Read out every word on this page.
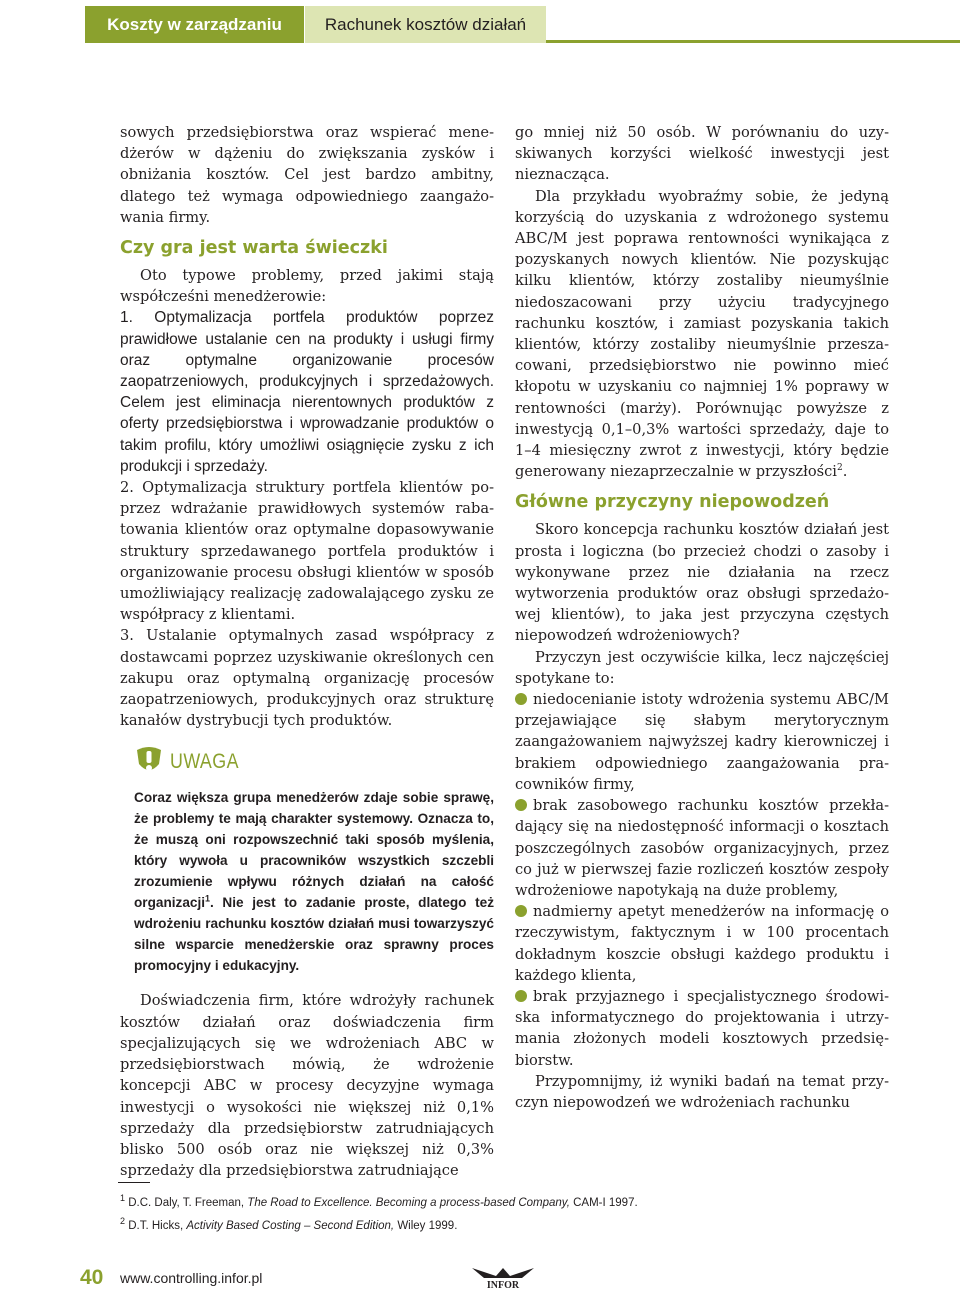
Koszty w zarządzaniu	Rachunek kosztów działań

sowych przedsiębiorstwa oraz wspierać menedżerów w dążeniu do zwiększania zysków i obniżania kosztów. Cel jest bardzo ambitny, dlatego też wymaga odpowiedniego zaangażowania firmy.

Czy gra jest warta świeczki

Oto typowe problemy, przed jakimi stają współcześni menedżerowie:

1. Optymalizacja portfela produktów poprzez prawidłowe ustalanie cen na produkty i usługi firmy oraz optymalne organizowanie procesów zaopatrzeniowych, produkcyjnych i sprzedażowych. Celem jest eliminacja nierentownych produktów z oferty przedsiębiorstwa i wprowadzanie produktów o takim profilu, który umożliwi osiągnięcie zysku z ich produkcji i sprzedaży.

2. Optymalizacja struktury portfela klientów poprzez wdrażanie prawidłowych systemów rabatowania klientów oraz optymalne dopasowywanie struktury sprzedawanego portfela produktów i organizowanie procesu obsługi klientów w sposób umożliwiający realizację zadowalającego zysku ze współpracy z klientami.

3. Ustalanie optymalnych zasad współpracy z dostawcami poprzez uzyskiwanie określonych cen zakupu oraz optymalną organizację procesów zaopatrzeniowych, produkcyjnych oraz strukturę kanałów dystrybucji tych produktów.

UWAGA
Coraz większa grupa menedżerów zdaje sobie sprawę, że problemy te mają charakter systemowy. Oznacza to, że muszą oni rozpowszechnić taki sposób myślenia, który wywoła u pracowników wszystkich szczebli zrozumienie wpływu różnych działań na całość organizacji$^1$. Nie jest to zadanie proste, dlatego też wdrożeniu rachunku kosztów działań musi towarzyszyć silne wsparcie menedżerskie oraz sprawny proces promocyjny i edukacyjny.

Doświadczenia firm, które wdrożyły rachunek kosztów działań oraz doświadczenia firm specjalizujących się we wdrożeniach ABC w przedsiębiorstwach mówią, że wdrożenie koncepcji ABC w procesy decyzyjne wymaga inwestycji o wysokości nie większej niż 0,1% sprzedaży dla przedsiębiorstw zatrudniających blisko 500 osób oraz nie większej niż 0,3% sprzedaży dla przedsiębiorstwa zatrudniające

go mniej niż 50 osób. W porównaniu do uzyskiwanych korzyści wielkość inwestycji jest nieznacząca.

Dla przykładu wyobraźmy sobie, że jedyną korzyścią do uzyskania z wdrożonego systemu ABC/M jest poprawa rentowności wynikająca z pozyskanych nowych klientów. Nie pozyskując kilku klientów, którzy zostaliby nieumyślnie niedoszacowani przy użyciu tradycyjnego rachunku kosztów, i zamiast pozyskania takich klientów, którzy zostaliby nieumyślnie przeszacowani, przedsiębiorstwo nie powinno mieć kłopotu w uzyskaniu co najmniej 1% poprawy w rentowności (marży). Porównując powyższe z inwestycją 0,1–0,3% wartości sprzedaży, daje to 1–4 miesięczny zwrot z inwestycji, który będzie generowany niezaprzeczalnie w przyszłości$^2$.

Główne przyczyny niepowodzeń

Skoro koncepcja rachunku kosztów działań jest prosta i logiczna (bo przecież chodzi o zasoby i wykonywane przez nie działania na rzecz wytworzenia produktów oraz obsługi sprzedażowej klientów), to jaka jest przyczyna częstych niepowodzeń wdrożeniowych?

Przyczyn jest oczywiście kilka, lecz najczęściej spotykane to:

niedocenianie istoty wdrożenia systemu ABC/M przejawiające się słabym merytorycznym zaangażowaniem najwyższej kadry kierowniczej i brakiem odpowiedniego zaangażowania pracowników firmy,

brak zasobowego rachunku kosztów przekładający się na niedostępność informacji o kosztach poszczególnych zasobów organizacyjnych, przez co już w pierwszej fazie rozliczeń kosztów zespoły wdrożeniowe napotykają na duże problemy,

nadmierny apetyt menedżerów na informację o rzeczywistym, faktycznym i w 100 procentach dokładnym koszcie obsługi każdego produktu i każdego klienta,

brak przyjaznego i specjalistycznego środowiska informatycznego do projektowania i utrzymania złożonych modeli kosztowych przedsiębiorstw.

Przypomnijmy, iż wyniki badań na temat przyczyn niepowodzeń we wdrożeniach rachunku

$^1$ D.C. Daly, T. Freeman, The Road to Excellence. Becoming a process-based Company, CAM-I 1997.
$^2$ D.T. Hicks, Activity Based Costing – Second Edition, Wiley 1999.
40 www.controlling.infor.pl	INFOR
